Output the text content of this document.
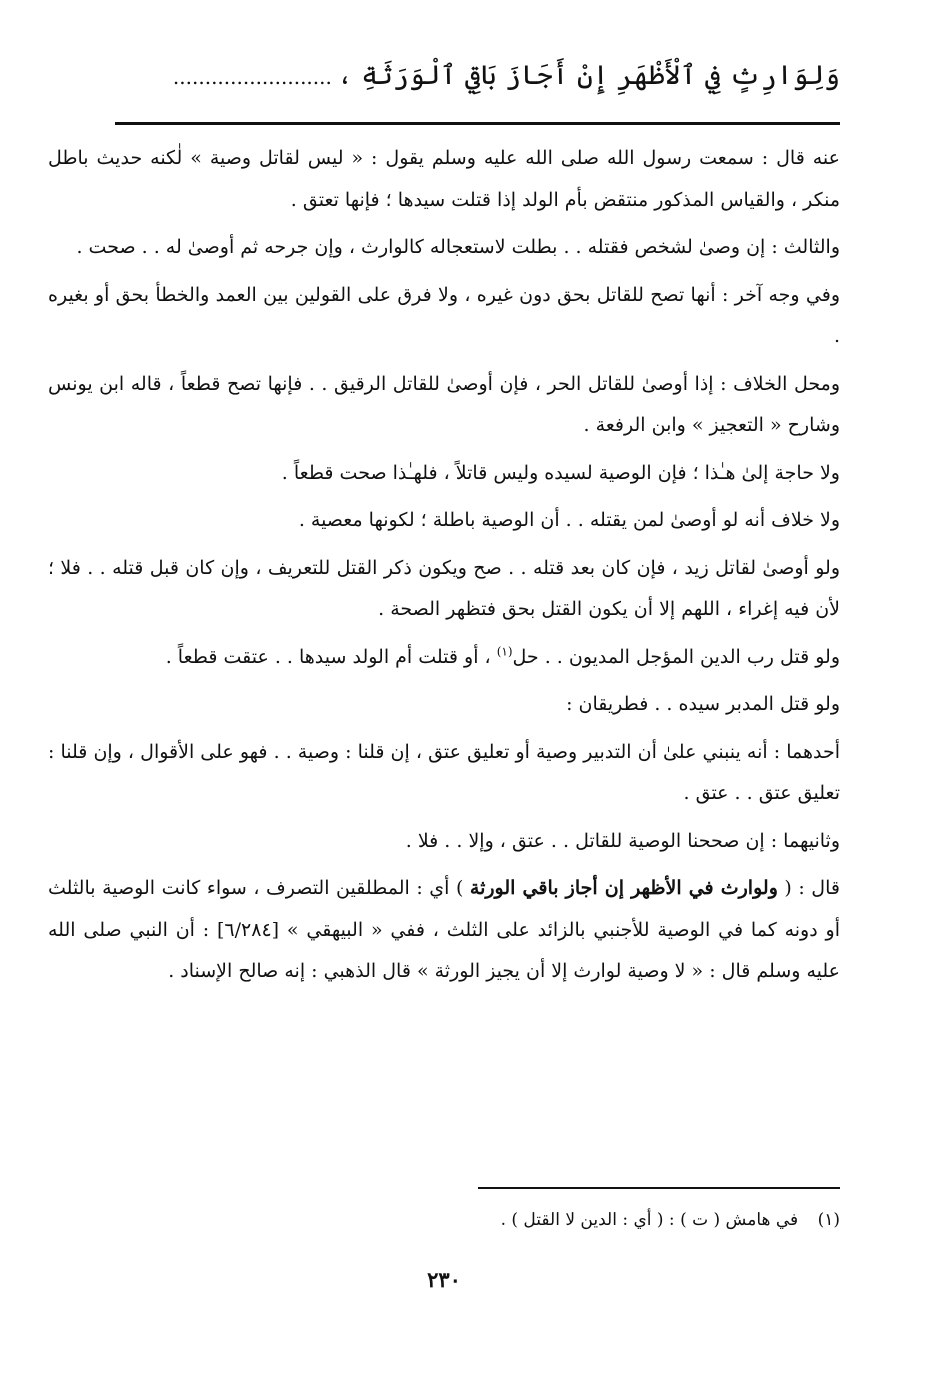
وَلِوَارِثٍ فِي ٱلْأَظْهَرِ إِنْ أَجَازَ بَاقِي ٱلْوَرَثَةِ ، .........................

عنه قال : سمعت رسول الله صلى الله عليه وسلم يقول : « ليس لقاتل وصية » لٰكنه حديث باطل منكر ، والقياس المذكور منتقض بأم الولد إذا قتلت سيدها ؛ فإنها تعتق .

والثالث : إن وصىٰ لشخص فقتله . . بطلت لاستعجاله كالوارث ، وإن جرحه ثم أوصىٰ له . . صحت .

وفي وجه آخر : أنها تصح للقاتل بحق دون غيره ، ولا فرق على القولين بين العمد والخطأ بحق أو بغيره .

ومحل الخلاف : إذا أوصىٰ للقاتل الحر ، فإن أوصىٰ للقاتل الرقيق . . فإنها تصح قطعاً ، قاله ابن يونس وشارح « التعجيز » وابن الرفعة .

ولا حاجة إلىٰ هـٰذا ؛ فإن الوصية لسيده وليس قاتلاً ، فلهـٰذا صحت قطعاً .

ولا خلاف أنه لو أوصىٰ لمن يقتله . . أن الوصية باطلة ؛ لكونها معصية .

ولو أوصىٰ لقاتل زيد ، فإن كان بعد قتله . . صح ويكون ذكر القتل للتعريف ، وإن كان قبل قتله . . فلا ؛ لأن فيه إغراء ، اللهم إلا أن يكون القتل بحق فتظهر الصحة .

ولو قتل رب الدين المؤجل المديون . . حل$^{(١)}$ ، أو قتلت أم الولد سيدها . . عتقت قطعاً .

ولو قتل المدبر سيده . . فطريقان :

أحدهما : أنه ينبني علىٰ أن التدبير وصية أو تعليق عتق ، إن قلنا : وصية . . فهو على الأقوال ، وإن قلنا : تعليق عتق . . عتق .

وثانيهما : إن صححنا الوصية للقاتل . . عتق ، وإلا . . فلا .

قال : ( ولوارث في الأظهر إن أجاز باقي الورثة ) أي : المطلقين التصرف ، سواء كانت الوصية بالثلث أو دونه كما في الوصية للأجنبي بالزائد على الثلث ، ففي « البيهقي » [٦/٢٨٤] : أن النبي صلى الله عليه وسلم قال : « لا وصية لوارث إلا أن يجيز الورثة » قال الذهبي : إنه صالح الإسناد .

(١) في هامش ( ت ) : ( أي : الدين لا القتل ) .
٢٣٠
